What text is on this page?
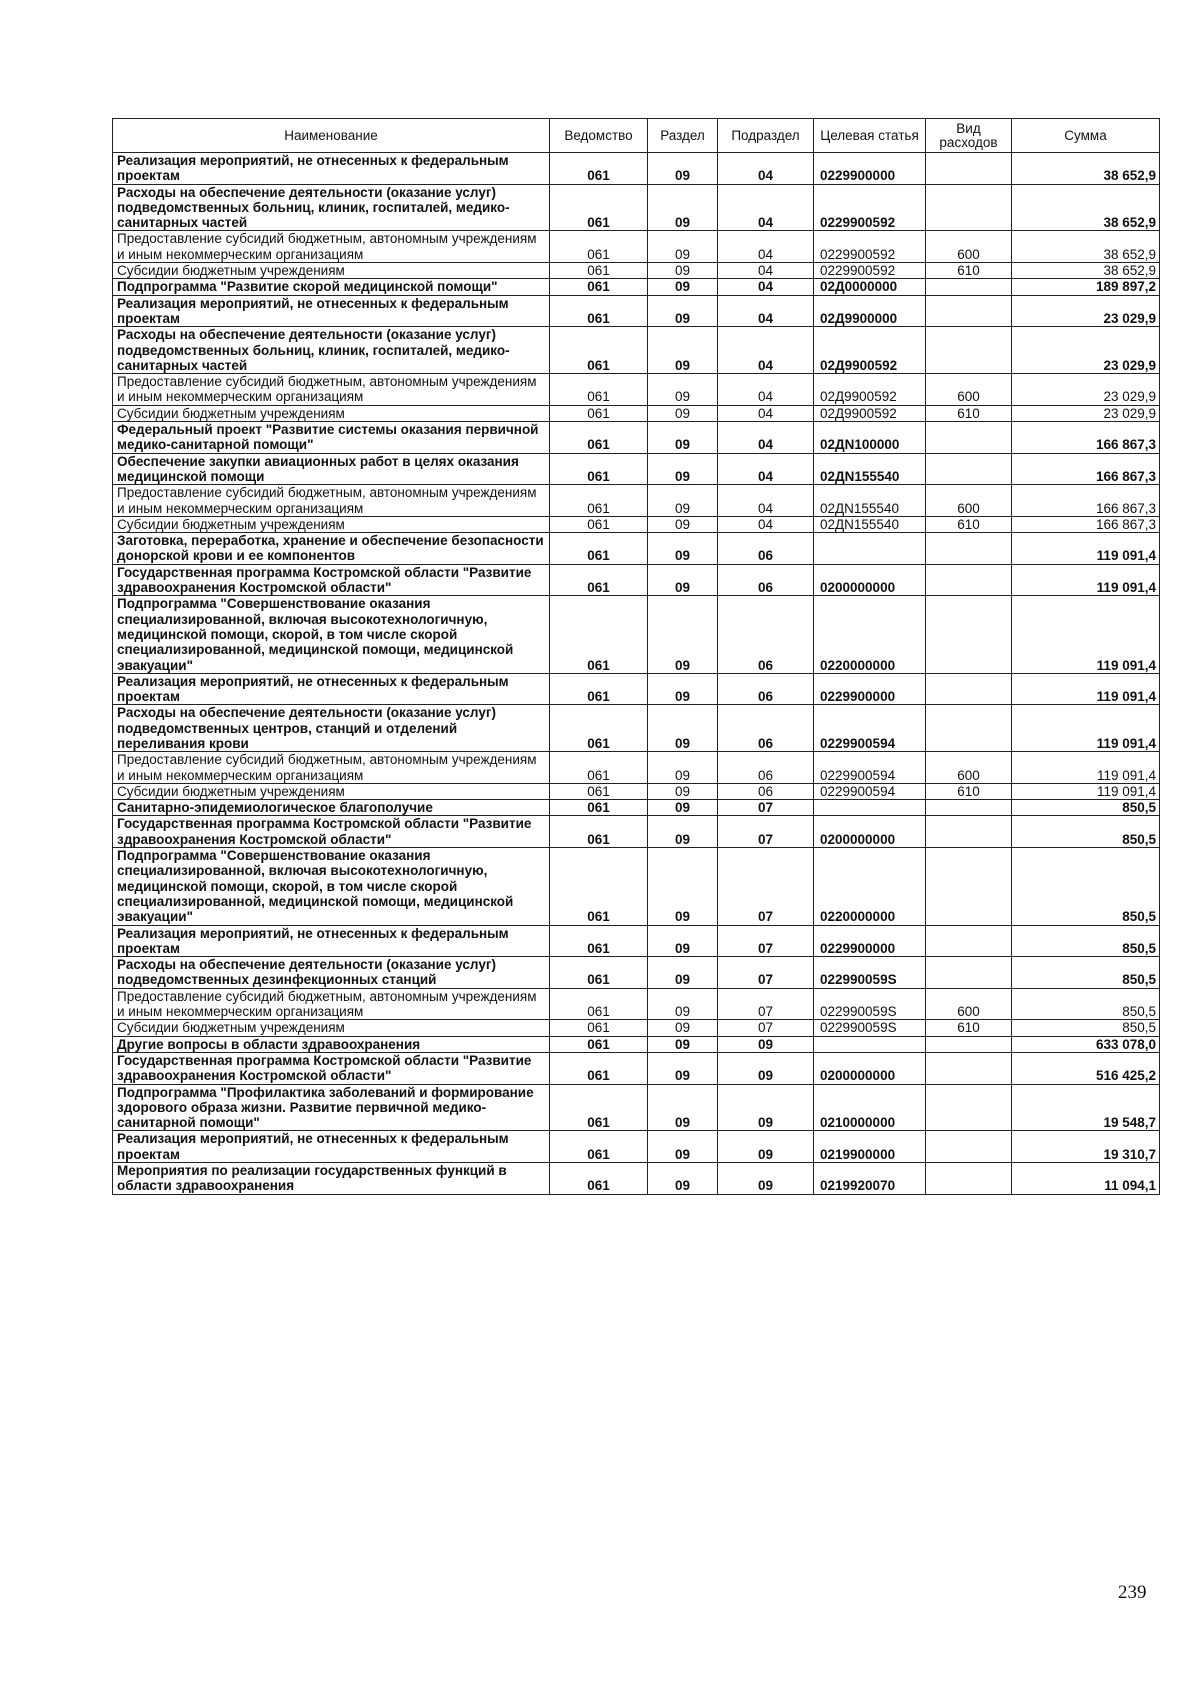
Наименование	Ведомство	Раздел	Подраздел	Целевая статья	Вид расходов	Сумма
Реализация мероприятий, не отнесенных к федеральным проектам	061	09	04	0229900000		38 652,9
Расходы на обеспечение деятельности (оказание услуг) подведомственных больниц, клиник, госпиталей, медико-санитарных частей	061	09	04	0229900592		38 652,9
Предоставление субсидий бюджетным, автономным учреждениям и иным некоммерческим организациям	061	09	04	0229900592	600	38 652,9
Субсидии бюджетным учреждениям	061	09	04	0229900592	610	38 652,9
Подпрограмма "Развитие скорой медицинской помощи"	061	09	04	02Д0000000		189 897,2
Реализация мероприятий, не отнесенных к федеральным проектам	061	09	04	02Д9900000		23 029,9
Расходы на обеспечение деятельности (оказание услуг) подведомственных больниц, клиник, госпиталей, медико-санитарных частей	061	09	04	02Д9900592		23 029,9
Предоставление субсидий бюджетным, автономным учреждениям и иным некоммерческим организациям	061	09	04	02Д9900592	600	23 029,9
Субсидии бюджетным учреждениям	061	09	04	02Д9900592	610	23 029,9
Федеральный проект "Развитие системы оказания первичной медико-санитарной помощи"	061	09	04	02ДN100000		166 867,3
Обеспечение закупки авиационных работ в целях оказания медицинской помощи	061	09	04	02ДN155540		166 867,3
Предоставление субсидий бюджетным, автономным учреждениям и иным некоммерческим организациям	061	09	04	02ДN155540	600	166 867,3
Субсидии бюджетным учреждениям	061	09	04	02ДN155540	610	166 867,3
Заготовка, переработка, хранение и обеспечение безопасности донорской крови и ее компонентов	061	09	06			119 091,4
Государственная программа Костромской области "Развитие здравоохранения Костромской области"	061	09	06	0200000000		119 091,4
Подпрограмма "Совершенствование оказания специализированной, включая высокотехнологичную, медицинской помощи, скорой, в том числе скорой специализированной, медицинской помощи, медицинской эвакуации"	061	09	06	0220000000		119 091,4
Реализация мероприятий, не отнесенных к федеральным проектам	061	09	06	0229900000		119 091,4
Расходы на обеспечение деятельности (оказание услуг) подведомственных центров, станций и отделений переливания крови	061	09	06	0229900594		119 091,4
Предоставление субсидий бюджетным, автономным учреждениям и иным некоммерческим организациям	061	09	06	0229900594	600	119 091,4
Субсидии бюджетным учреждениям	061	09	06	0229900594	610	119 091,4
Санитарно-эпидемиологическое благополучие	061	09	07			850,5
Государственная программа Костромской области "Развитие здравоохранения Костромской области"	061	09	07	0200000000		850,5
Подпрограмма "Совершенствование оказания специализированной, включая высокотехнологичную, медицинской помощи, скорой, в том числе скорой специализированной, медицинской помощи, медицинской эвакуации"	061	09	07	0220000000		850,5
Реализация мероприятий, не отнесенных к федеральным проектам	061	09	07	0229900000		850,5
Расходы на обеспечение деятельности (оказание услуг) подведомственных дезинфекционных станций	061	09	07	022990059S		850,5
Предоставление субсидий бюджетным, автономным учреждениям и иным некоммерческим организациям	061	09	07	022990059S	600	850,5
Субсидии бюджетным учреждениям	061	09	07	022990059S	610	850,5
Другие вопросы в области здравоохранения	061	09	09			633 078,0
Государственная программа Костромской области "Развитие здравоохранения Костромской области"	061	09	09	0200000000		516 425,2
Подпрограмма "Профилактика заболеваний и формирование здорового образа жизни. Развитие первичной медико-санитарной помощи"	061	09	09	0210000000		19 548,7
Реализация мероприятий, не отнесенных к федеральным проектам	061	09	09	0219900000		19 310,7
Мероприятия по реализации государственных функций в области здравоохранения	061	09	09	0219920070		11 094,1
239
